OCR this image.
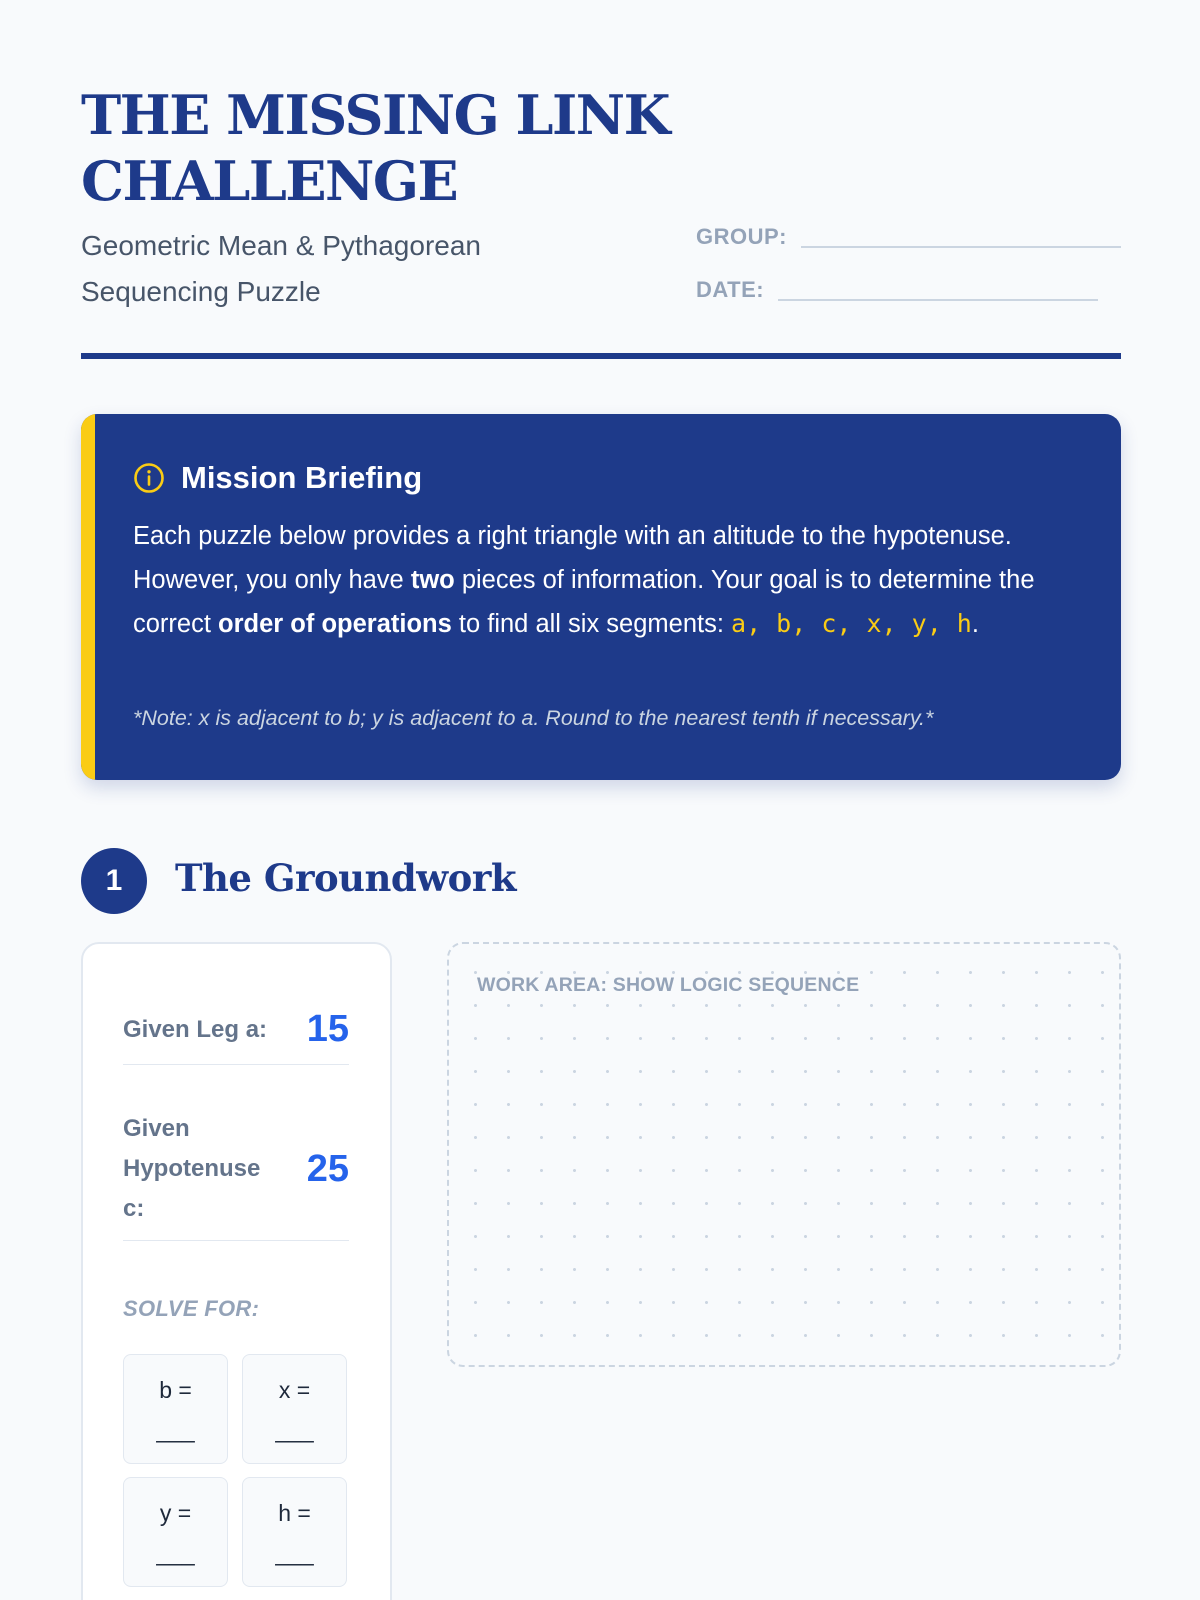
THE MISSING LINK CHALLENGE
Geometric Mean & Pythagorean Sequencing Puzzle
GROUP:
DATE:
Mission Briefing

Each puzzle below provides a right triangle with an altitude to the hypotenuse. However, you only have two pieces of information. Your goal is to determine the correct order of operations to find all six segments: a, b, c, x, y, h.

*Note: x is adjacent to b; y is adjacent to a. Round to the nearest tenth if necessary.*
1	The Groundwork
Given Leg a: 15
Given Hypotenuse c:
25
SOLVE FOR:
b =
___
x =
___
y =
___
h =
___
WORK AREA: SHOW LOGIC SEQUENCE
